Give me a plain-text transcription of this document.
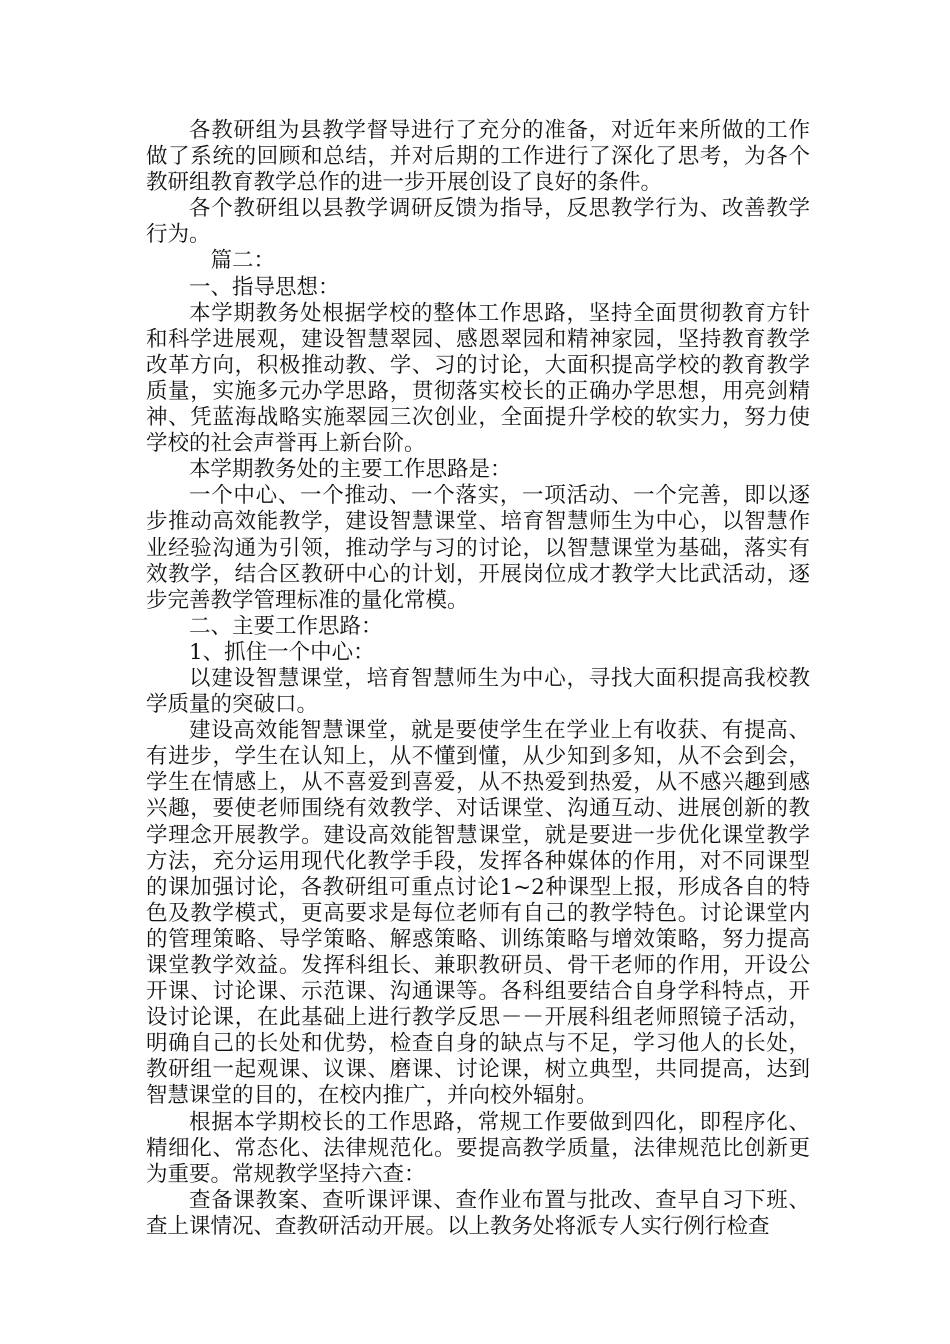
各教研组为县教学督导进行了充分的准备，对近年来所做的工作做了系统的回顾和总结，并对后期的工作进行了深化了思考，为各个教研组教育教学总作的进一步开展创设了良好的条件。

各个教研组以县教学调研反馈为指导，反思教学行为、改善教学行为。

篇二：

一、指导思想：

本学期教务处根据学校的整体工作思路，坚持全面贯彻教育方针和科学进展观，建设智慧翠园、感恩翠园和精神家园，坚持教育教学改革方向，积极推动教、学、习的讨论，大面积提高学校的教育教学质量，实施多元办学思路，贯彻落实校长的正确办学思想，用亮剑精神、凭蓝海战略实施翠园三次创业，全面提升学校的软实力，努力使学校的社会声誉再上新台阶。

本学期教务处的主要工作思路是：

一个中心、一个推动、一个落实，一项活动、一个完善，即以逐步推动高效能教学，建设智慧课堂、培育智慧师生为中心，以智慧作业经验沟通为引领，推动学与习的讨论，以智慧课堂为基础，落实有效教学，结合区教研中心的计划，开展岗位成才教学大比武活动，逐步完善教学管理标准的量化常模。

二、主要工作思路：

1、抓住一个中心：

以建设智慧课堂，培育智慧师生为中心，寻找大面积提高我校教学质量的突破口。

建设高效能智慧课堂，就是要使学生在学业上有收获、有提高、有进步，学生在认知上，从不懂到懂，从少知到多知，从不会到会，学生在情感上，从不喜爱到喜爱，从不热爱到热爱，从不感兴趣到感兴趣，要使老师围绕有效教学、对话课堂、沟通互动、进展创新的教学理念开展教学。建设高效能智慧课堂，就是要进一步优化课堂教学方法，充分运用现代化教学手段，发挥各种媒体的作用，对不同课型的课加强讨论，各教研组可重点讨论1~2种课型上报，形成各自的特色及教学模式，更高要求是每位老师有自己的教学特色。讨论课堂内的管理策略、导学策略、解惑策略、训练策略与增效策略，努力提高课堂教学效益。发挥科组长、兼职教研员、骨干老师的作用，开设公开课、讨论课、示范课、沟通课等。各科组要结合自身学科特点，开设讨论课，在此基础上进行教学反思－－开展科组老师照镜子活动，明确自己的长处和优势，检查自身的缺点与不足，学习他人的长处，教研组一起观课、议课、磨课、讨论课，树立典型，共同提高，达到智慧课堂的目的，在校内推广，并向校外辐射。

根据本学期校长的工作思路，常规工作要做到四化，即程序化、精细化、常态化、法律规范化。要提高教学质量，法律规范比创新更为重要。常规教学坚持六查：

查备课教案、查听课评课、查作业布置与批改、查早自习下班、查上课情况、查教研活动开展。以上教务处将派专人实行例行检查
